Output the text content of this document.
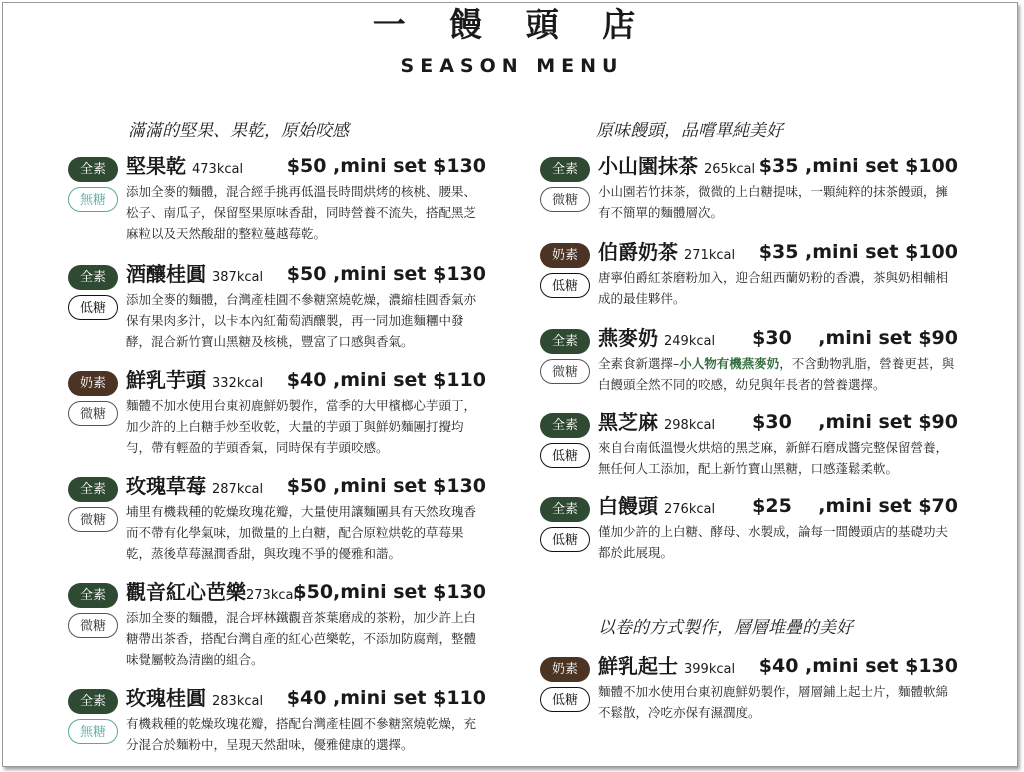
一 饅 頭 店
SEASON MENU
滿滿的堅果、果乾，原始咬感	原味饅頭，品嚐單純美好
以卷的方式製作，層層堆疊的美好
全素
無糖
堅果乾 473kcal $50 ,mini set $130
添加全麥的麵體，混合經手挑再低溫長時間烘烤的核桃、腰果、松子、南瓜子，保留堅果原味香甜，同時營養不流失，搭配黑芝麻粒以及天然酸甜的整粒蔓越莓乾。
全素
低糖
酒釀桂圓 387kcal $50 ,mini set $130
添加全麥的麵體，台灣產桂圓不參糖窯燒乾燥，濃縮桂圓香氣亦保有果肉多汁，以卡本內紅葡萄酒釀製，再一同加進麵糰中發酵，混合新竹寶山黑糖及核桃，豐富了口感與香氣。
奶素
微糖
鮮乳芋頭 332kcal $40 ,mini set $110
麵體不加水使用台東初鹿鮮奶製作，當季的大甲檳榔心芋頭丁，加少許的上白糖手炒至收乾，大量的芋頭丁與鮮奶麵團打攪均勻，帶有輕盈的芋頭香氣，同時保有芋頭咬感。
全素
微糖
玫瑰草莓 287kcal $50 ,mini set $130
埔里有機栽種的乾燥玫瑰花瓣，大量使用讓麵團具有天然玫瑰香而不帶有化學氣味，加微量的上白糖，配合原粒烘乾的草莓果乾，蒸後草莓濕潤香甜，與玫瑰不爭的優雅和諧。
全素
微糖
觀音紅心芭樂273kcal
$50,mini set $130
添加全麥的麵體，混合坪林鐵觀音茶葉磨成的茶粉，加少許上白糖帶出茶香，搭配台灣自產的紅心芭樂乾，不添加防腐劑，整體味覺屬較為清幽的組合。
全素
無糖
玫瑰桂圓 283kcal $40 ,mini set $110
有機栽種的乾燥玫瑰花瓣，搭配台灣產桂圓不參糖窯燒乾燥，充分混合於麵粉中，呈現天然甜味，優雅健康的選擇。
全素
微糖
小山園抹茶 265kcal $35 ,mini set $100
小山園若竹抹茶，微微的上白糖提味，一顆純粹的抹茶饅頭，擁有不簡單的麵體層次。
奶素
低糖
伯爵奶茶 271kcal $35 ,mini set $100
唐寧伯爵紅茶磨粉加入，迎合紐西蘭奶粉的香濃，茶與奶相輔相成的最佳夥伴。
全素
微糖
燕麥奶 249kcal $30    ,mini set $90
全素食新選擇–小人物有機燕麥奶，不含動物乳脂，營養更甚，與白饅頭全然不同的咬感，幼兒與年長者的營養選擇。
全素
低糖
黑芝麻 298kcal $30    ,mini set $90
來自台南低溫慢火烘焙的黑芝麻，新鮮石磨成醬完整保留營養，無任何人工添加，配上新竹寶山黑糖，口感蓬鬆柔軟。
全素
低糖
白饅頭 276kcal $25    ,mini set $70
僅加少許的上白糖、酵母、水製成，論每一間饅頭店的基礎功夫都於此展現。
奶素
低糖
鮮乳起士 399kcal $40 ,mini set $130
麵體不加水使用台東初鹿鮮奶製作，層層鋪上起士片，麵體軟綿不鬆散，冷吃亦保有濕潤度。
